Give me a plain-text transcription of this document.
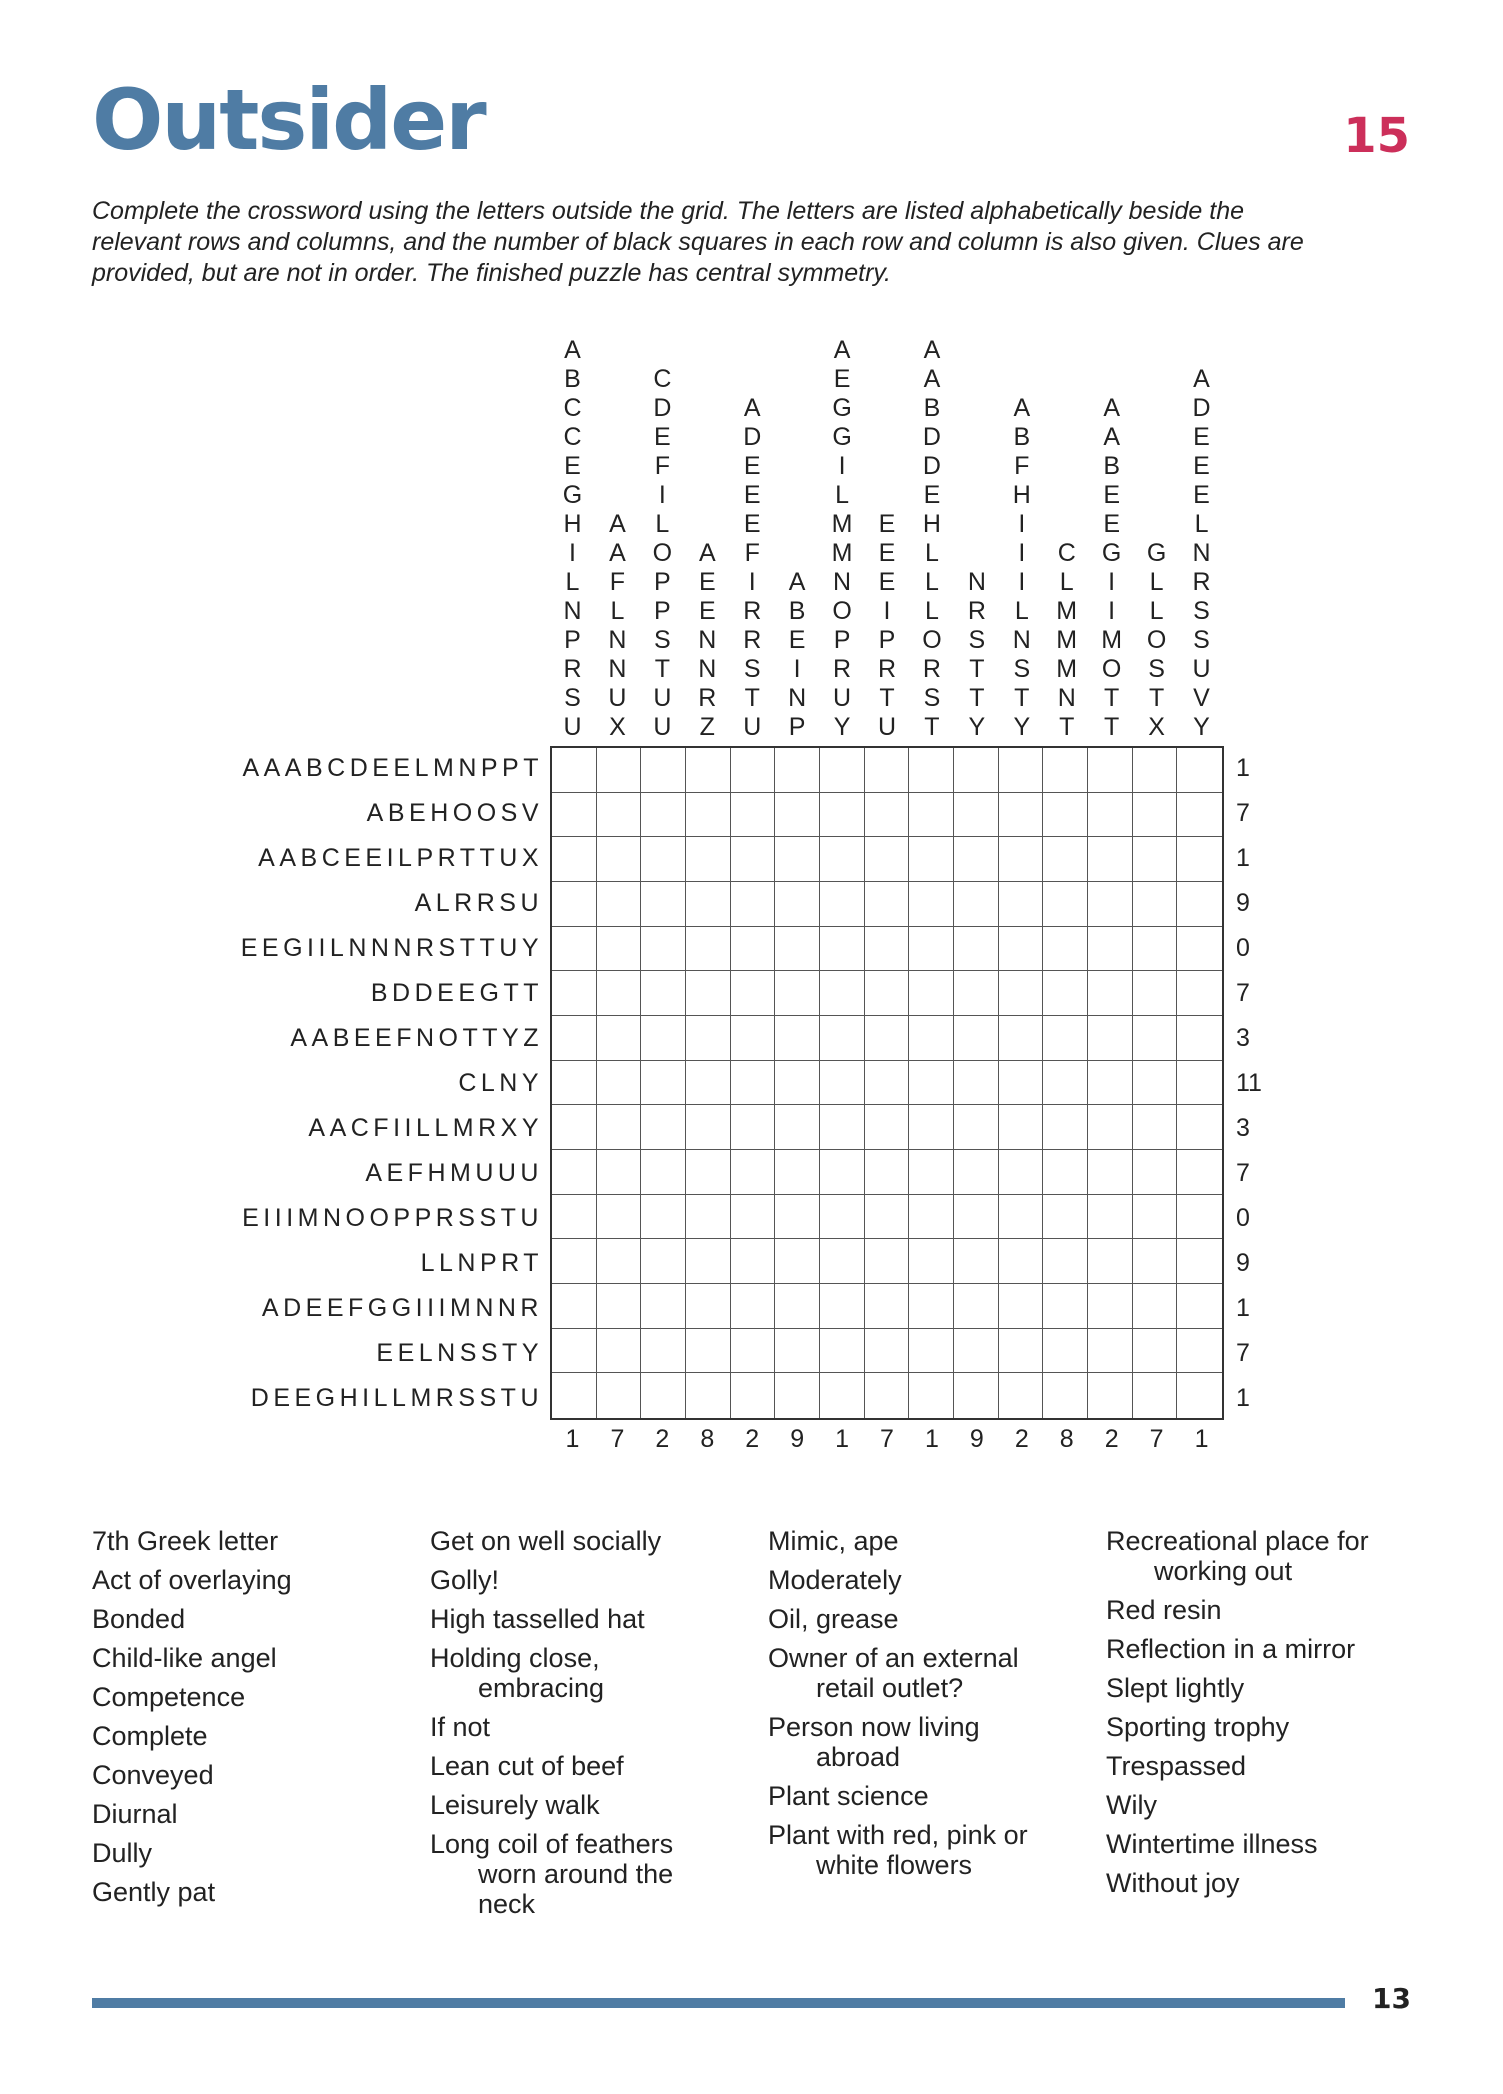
Outsider	15

Complete the crossword using the letters outside the grid. The letters are listed alphabetically beside the relevant rows and columns, and the number of black squares in each row and column is also given. Clues are provided, but are not in order. The finished puzzle has central symmetry.

A
B
C
C
E
G
H
I
L
N
P
R
S
U
A
A
F
L
N
N
U
X
C
D
E
F
I
L
O
P
P
S
T
U
U
A
E
E
N
N
R
Z
A
D
E
E
E
F
I
R
R
S
T
U
A
B
E
I
N
P
A
E
G
G
I
L
M
M
N
O
P
R
U
Y
E
E
E
I
P
R
T
U
A
A
B
D
D
E
H
L
L
L
O
R
S
T
N
R
S
T
T
Y
A
B
F
H
I
I
I
L
N
S
T
Y
C
L
M
M
M
N
T
A
A
B
E
E
G
I
I
M
O
T
T
G
L
L
O
S
T
X
A
D
E
E
E
L
N
R
S
S
U
V
Y
AAABCDEELMNPPT
ABEHOOSV
AABCEEILPRTTUX
ALRRSU
EEGIILNNNRSTTUY
BDDEEGTT
AABEEFNOTTYZ
CLNY
AACFIILLMRXY
AEFHMUUU
EIIIMNOOPPRSSTU
LLNPRT
ADEEFGGIIIMNNR
EELNSSTY
DEEGHILLMRSSTU
1
7
1
9
0
7
3
11
3
7
0
9
1
7
1
1	7	2	8	2	9	1	7	1	9	2	8	2	7	1
7th Greek letter
Act of overlaying
Bonded
Child-like angel
Competence
Complete
Conveyed
Diurnal
Dully
Gently pat
Get on well socially
Golly!
High tasselled hat
Holding close,
embracing
If not
Lean cut of beef
Leisurely walk
Long coil of feathers
worn around the
neck
Mimic, ape
Moderately
Oil, grease
Owner of an external
retail outlet?
Person now living
abroad
Plant science
Plant with red, pink or
white flowers
Recreational place for
working out
Red resin
Reflection in a mirror
Slept lightly
Sporting trophy
Trespassed
Wily
Wintertime illness
Without joy
13
